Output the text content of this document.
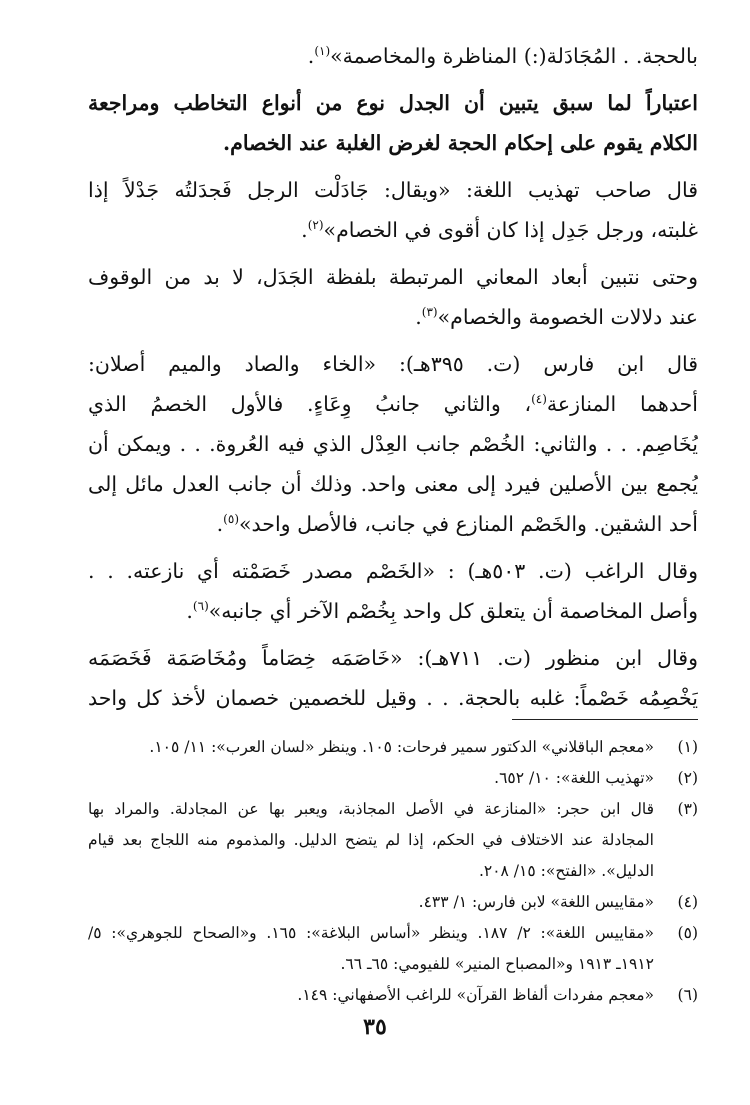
بالحجة. . المُجَادَلة(:) المناظرة والمخاصمة»$^{(١)}$.
اعتباراً لما سبق يتبين أن الجدل نوع من أنواع التخاطب ومراجعة
الكلام يقوم على إحكام الحجة لغرض الغلبة عند الخصام.
قال صاحب تهذيب اللغة: «ويقال: جَادَلْت الرجل فَجدَلتُه جَدْلاً إذا
غلبته، ورجل جَدِل إذا كان أقوى في الخصام»$^{(٢)}$.
وحتى نتبين أبعاد المعاني المرتبطة بلفظة الجَدَل، لا بد من الوقوف
عند دلالات الخصومة والخصام»$^{(٣)}$.
قال ابن فارس (ت. ٣٩٥هـ): «الخاء والصاد والميم أصلان:
أحدهما المنازعة$^{(٤)}$، والثاني جانبُ وِعَاءٍ. فالأول الخصمُ الذي
يُخَاصِم. . . والثاني: الخُصْم جانب العِدْل الذي فيه العُروة. . . ويمكن أن
يُجمع بين الأصلين فيرد إلى معنى واحد. وذلك أن جانب العدل مائل إلى
أحد الشقين. والخَصْم المنازع في جانب، فالأصل واحد»$^{(٥)}$.
وقال الراغب (ت. ٥٠٣هـ) : «الخَصْم مصدر خَصَمْته أي نازعته. . .
وأصل المخاصمة أن يتعلق كل واحد بِخُصْم الآخر أي جانبه»$^{(٦)}$.
وقال ابن منظور (ت. ٧١١هـ): «خَاصَمَه خِصَاماً ومُخَاصَمَة فَخَصَمَه
يَخْصِمُه خَصْماً: غلبه بالحجة. . . وقيل للخصمين خصمان لأخذ كل واحد
(١)
«معجم الباقلاني» الدكتور سمير فرحات: ١٠٥. وينظر «لسان العرب»: ١١/ ١٠٥.
(٢)
«تهذيب اللغة»: ١٠/ ٦٥٢.
(٣)
قال ابن حجر: «المنازعة في الأصل المجاذبة، ويعبر بها عن المجادلة. والمراد بها
المجادلة عند الاختلاف في الحكم، إذا لم يتضح الدليل. والمذموم منه اللجاج بعد قيام
الدليل». «الفتح»: ١٥/ ٢٠٨.
(٤)
«مقاييس اللغة» لابن فارس: ١/ ٤٣٣.
(٥)
«مقاييس اللغة»: ٢/ ١٨٧. وينظر «أساس البلاغة»: ١٦٥. و«الصحاح للجوهري»: ٥/
١٩١٢ـ ١٩١٣ و«المصباح المنير» للفيومي: ٦٥ـ ٦٦.
(٦)
«معجم مفردات ألفاظ القرآن» للراغب الأصفهاني: ١٤٩.
٣٥
